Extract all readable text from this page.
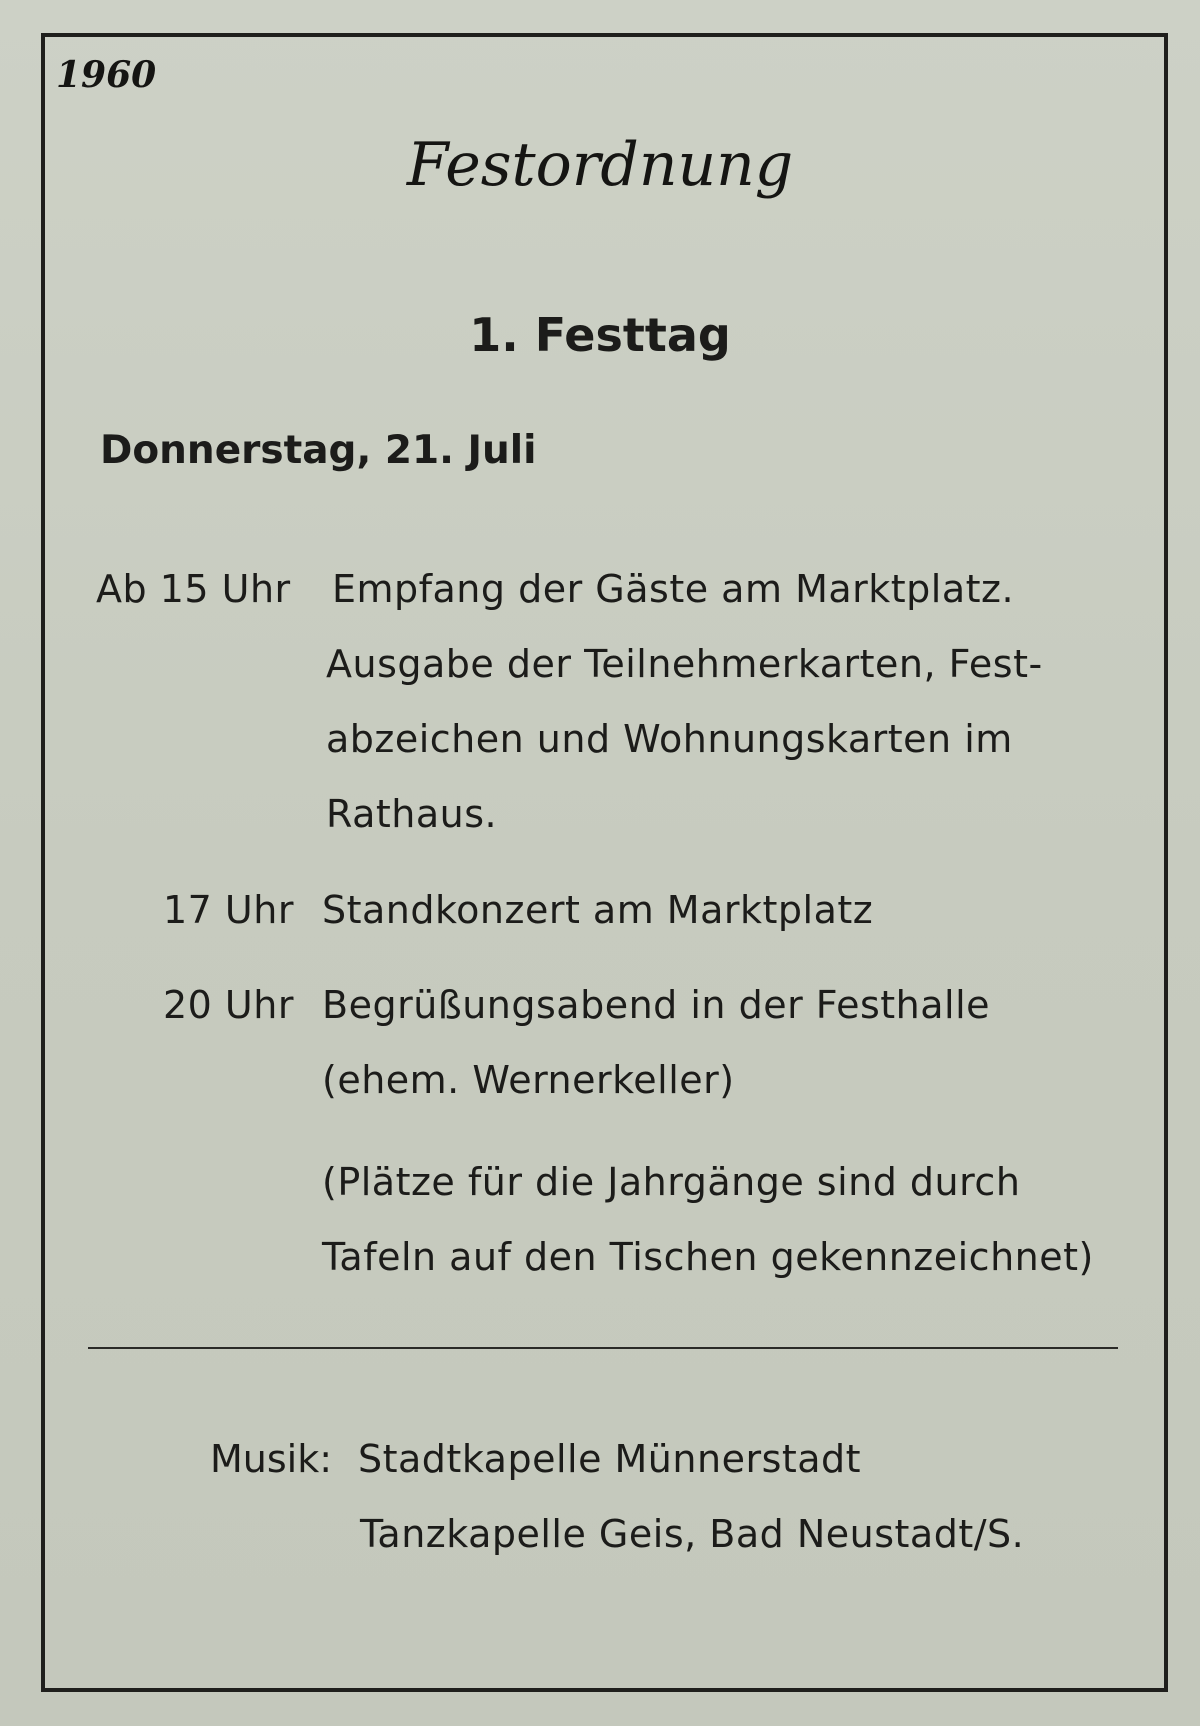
1960
Festordnung
1. Festtag
Donnerstag, 21. Juli
Ab 15 Uhr Empfang der Gäste am Marktplatz.
Ausgabe der Teilnehmerkarten, Fest-
abzeichen und Wohnungskarten im
Rathaus.
17 Uhr Standkonzert am Marktplatz
20 Uhr Begrüßungsabend in der Festhalle
(ehem. Wernerkeller)
(Plätze für die Jahrgänge sind durch
Tafeln auf den Tischen gekennzeichnet)
Musik: Stadtkapelle Münnerstadt
Tanzkapelle Geis, Bad Neustadt/S.
